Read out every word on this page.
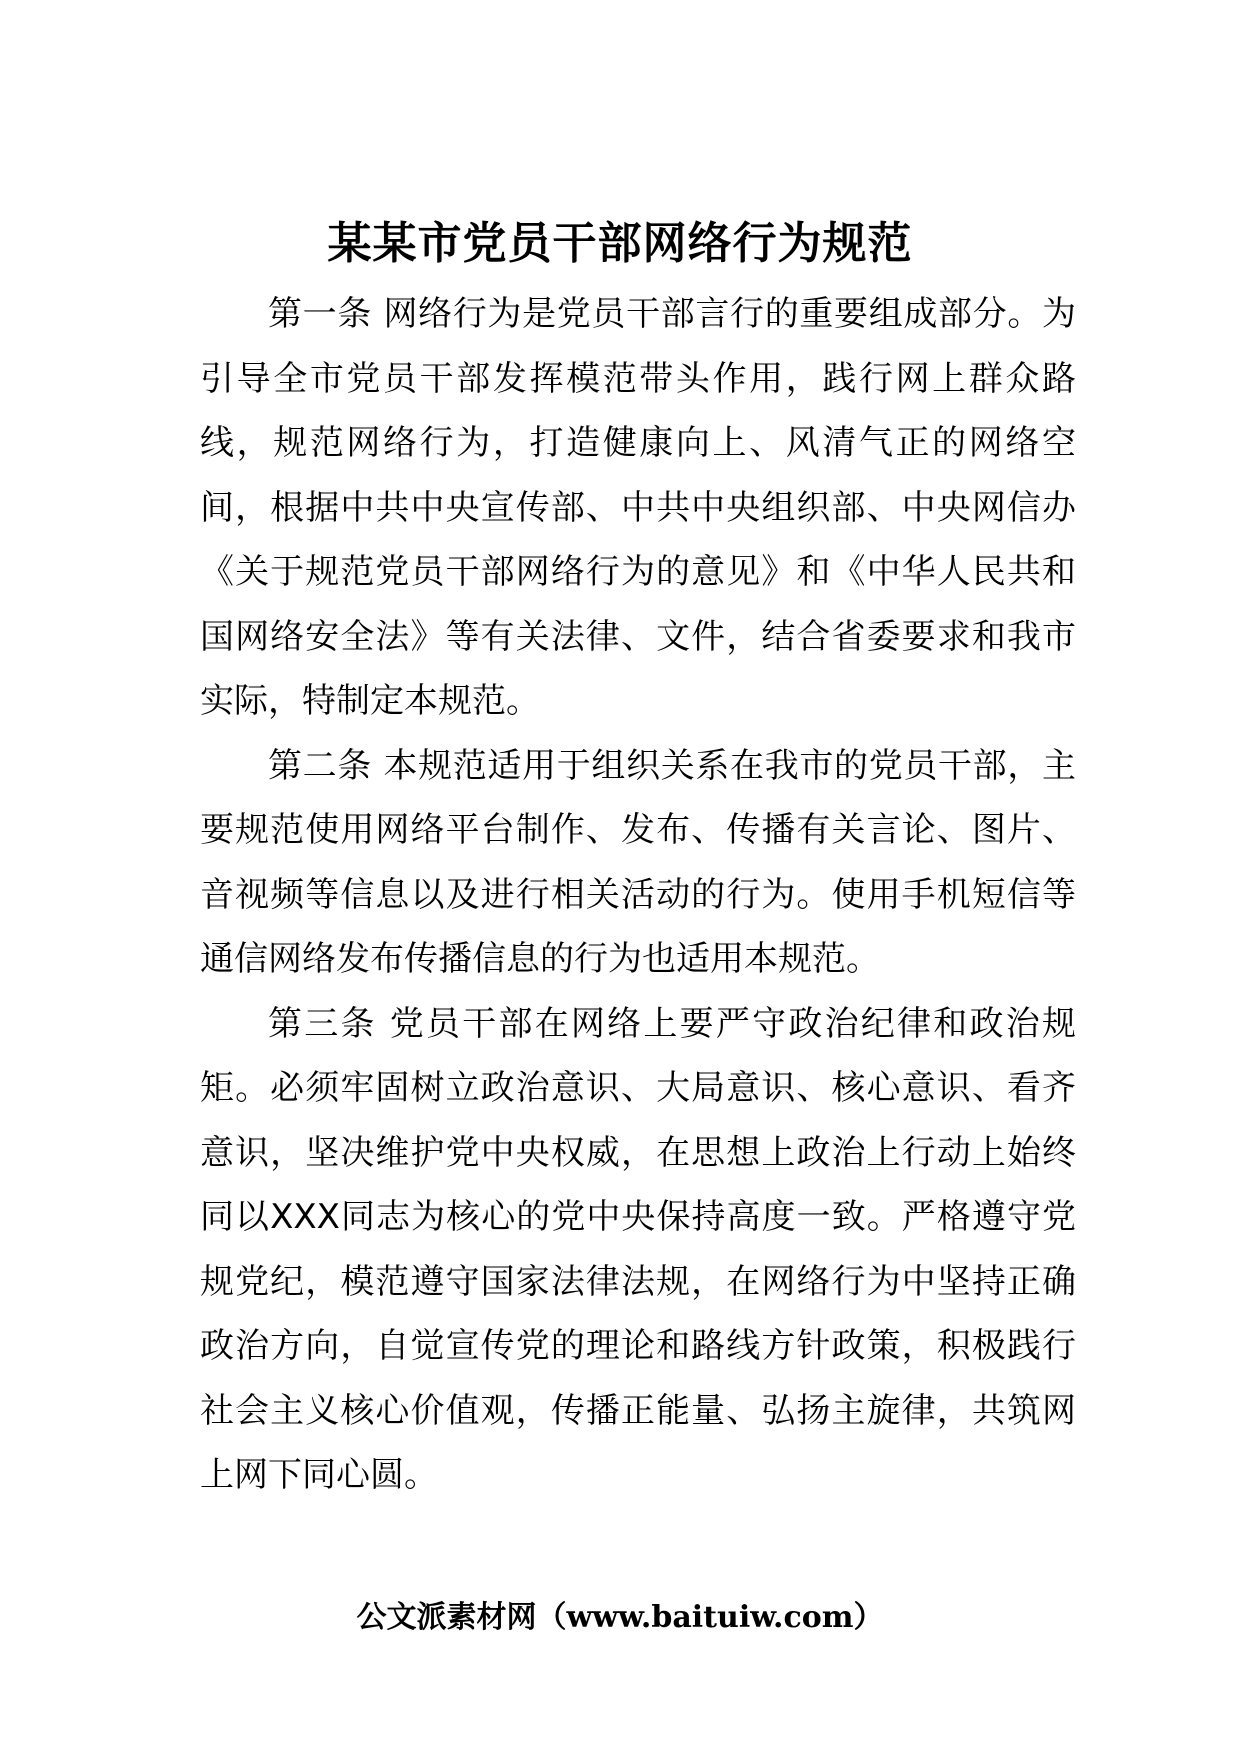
某某市党员干部网络行为规范

第一条 网络行为是党员干部言行的重要组成部分。为引导全市党员干部发挥模范带头作用，践行网上群众路线，规范网络行为，打造健康向上、风清气正的网络空间，根据中共中央宣传部、中共中央组织部、中央网信办《关于规范党员干部网络行为的意见》和《中华人民共和国网络安全法》等有关法律、文件，结合省委要求和我市实际，特制定本规范。

第二条 本规范适用于组织关系在我市的党员干部，主要规范使用网络平台制作、发布、传播有关言论、图片、音视频等信息以及进行相关活动的行为。使用手机短信等通信网络发布传播信息的行为也适用本规范。

第三条 党员干部在网络上要严守政治纪律和政治规矩。必须牢固树立政治意识、大局意识、核心意识、看齐意识，坚决维护党中央权威，在思想上政治上行动上始终同以XXX同志为核心的党中央保持高度一致。严格遵守党规党纪，模范遵守国家法律法规，在网络行为中坚持正确政治方向，自觉宣传党的理论和路线方针政策，积极践行社会主义核心价值观，传播正能量、弘扬主旋律，共筑网上网下同心圆。

公文派素材网（www.baituiw.com）
